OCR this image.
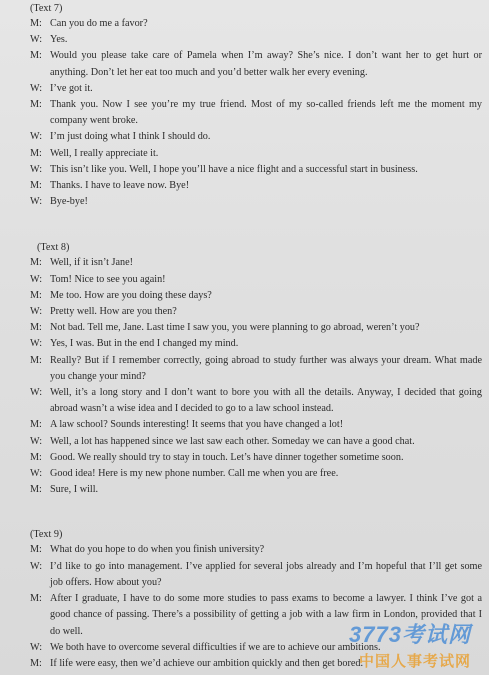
(Text 7)
M: Can you do me a favor?
W: Yes.
M: Would you please take care of Pamela when I’m away? She’s nice. I don’t want her to get hurt or anything. Don’t let her eat too much and you’d better walk her every evening.
W: I’ve got it.
M: Thank you. Now I see you’re my true friend. Most of my so-called friends left me the moment my company went broke.
W: I’m just doing what I think I should do.
M: Well, I really appreciate it.
W: This isn’t like you. Well, I hope you’ll have a nice flight and a successful start in business.
M: Thanks. I have to leave now. Bye!
W: Bye-bye!
(Text 8)
M: Well, if it isn’t Jane!
W: Tom! Nice to see you again!
M: Me too. How are you doing these days?
W: Pretty well. How are you then?
M: Not bad. Tell me, Jane. Last time I saw you, you were planning to go abroad, weren’t you?
W: Yes, I was. But in the end I changed my mind.
M: Really? But if I remember correctly, going abroad to study further was always your dream. What made you change your mind?
W: Well, it’s a long story and I don’t want to bore you with all the details. Anyway, I decided that going abroad wasn’t a wise idea and I decided to go to a law school instead.
M: A law school? Sounds interesting! It seems that you have changed a lot!
W: Well, a lot has happened since we last saw each other. Someday we can have a good chat.
M: Good. We really should try to stay in touch. Let’s have dinner together sometime soon.
W: Good idea! Here is my new phone number. Call me when you are free.
M: Sure, I will.
(Text 9)
M: What do you hope to do when you finish university?
W: I’d like to go into management. I’ve applied for several jobs already and I’m hopeful that I’ll get some job offers. How about you?
M: After I graduate, I have to do some more studies to pass exams to become a lawyer. I think I’ve got a good chance of passing. There’s a possibility of getting a job with a law firm in London, provided that I do well.
W: We both have to overcome several difficulties if we are to achieve our ambitions.
M: If life were easy, then we’d achieve our ambition quickly and then get bored.
3773考试网
中国人事考试网
